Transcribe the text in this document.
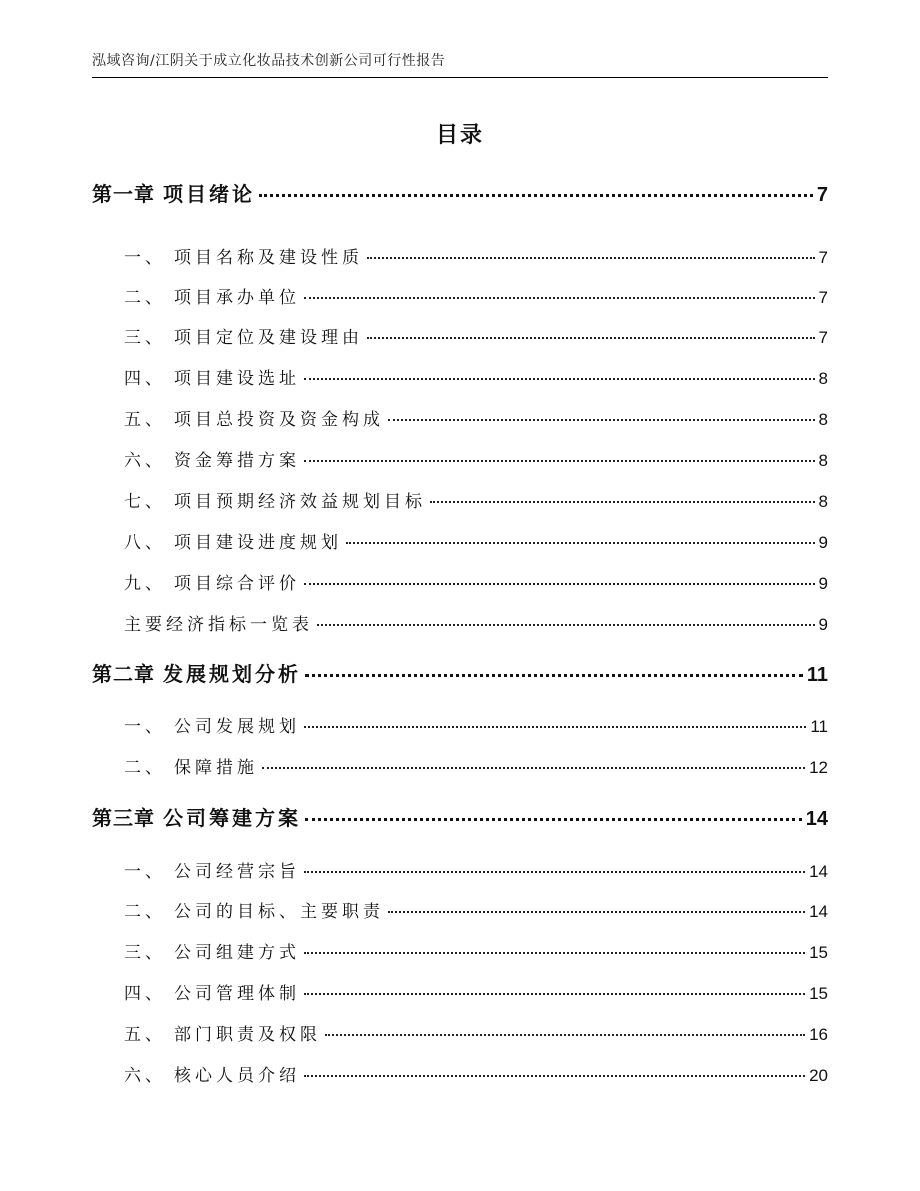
泓域咨询/江阴关于成立化妆品技术创新公司可行性报告
目录
第一章 项目绪论	7
一、 项目名称及建设性质	7
二、 项目承办单位	7
三、 项目定位及建设理由	7
四、 项目建设选址	8
五、 项目总投资及资金构成	8
六、 资金筹措方案	8
七、 项目预期经济效益规划目标	8
八、 项目建设进度规划	9
九、 项目综合评价	9
主要经济指标一览表	9
第二章 发展规划分析	11
一、 公司发展规划	11
二、 保障措施	12
第三章 公司筹建方案	14
一、 公司经营宗旨	14
二、 公司的目标、主要职责	14
三、 公司组建方式	15
四、 公司管理体制	15
五、 部门职责及权限	16
六、 核心人员介绍	20
